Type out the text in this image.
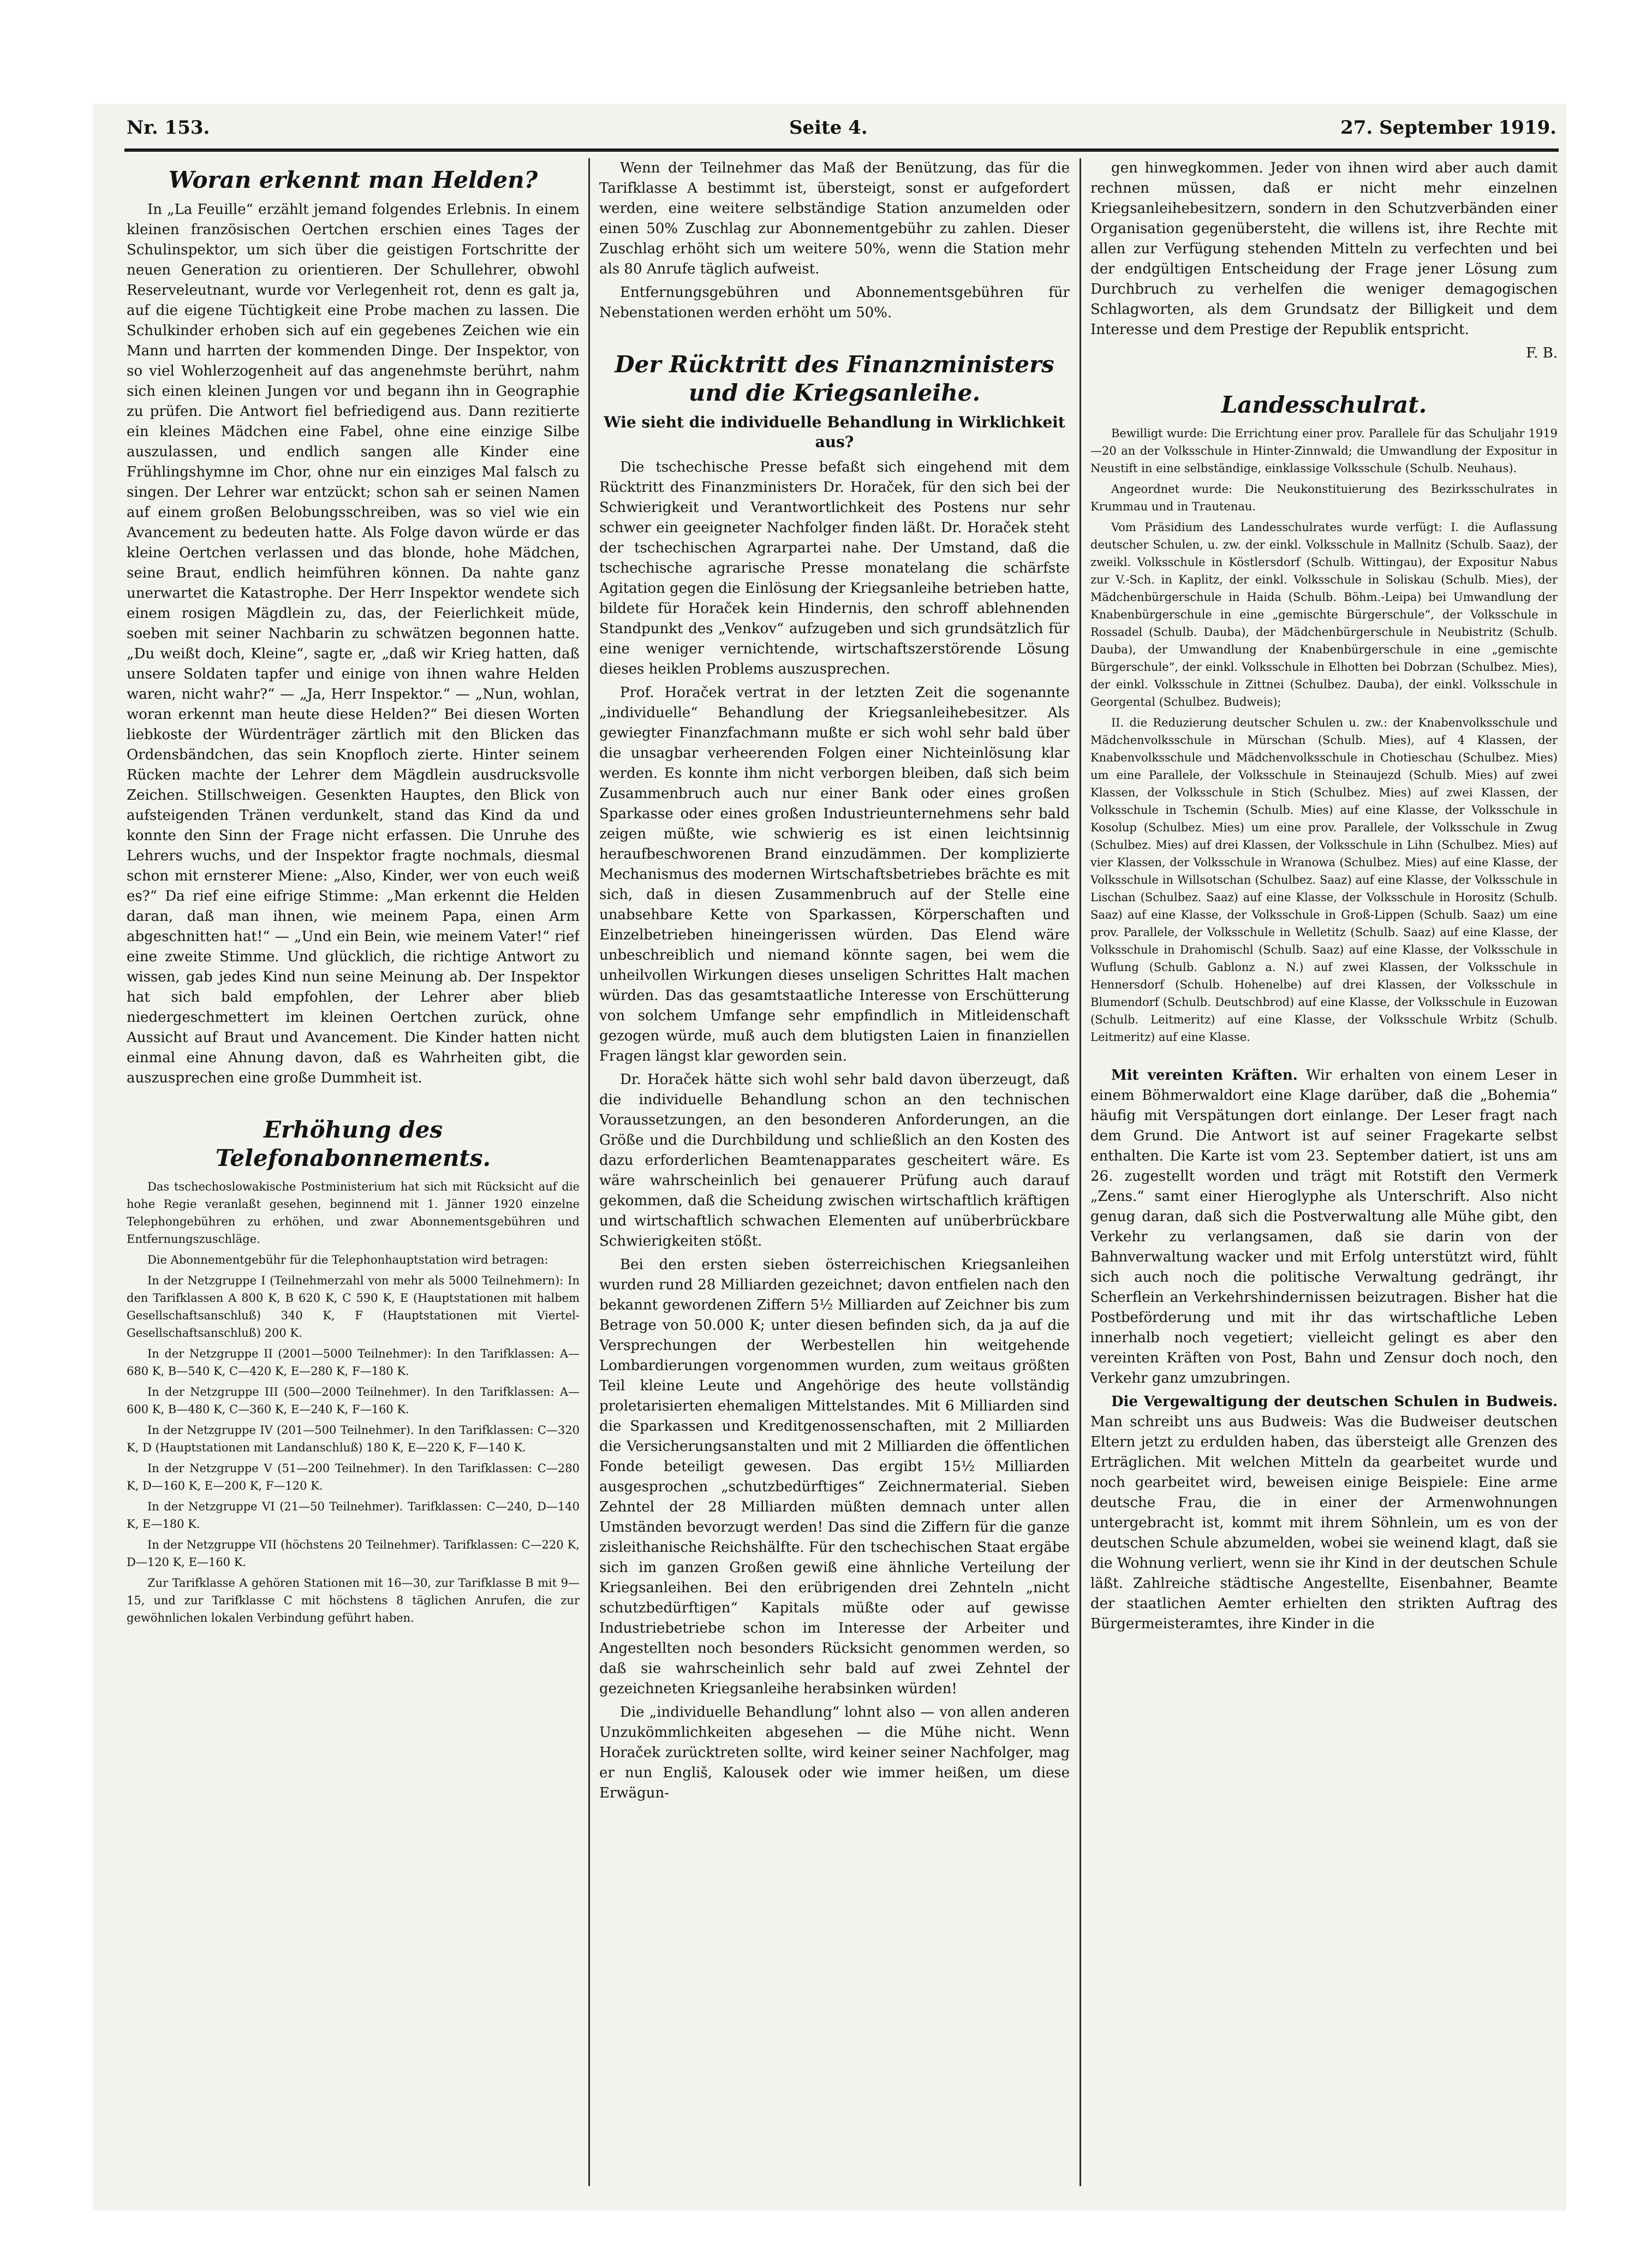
Nr. 153.	Seite 4.	27. September 1919.
Woran erkennt man Helden?

In „La Feuille“ erzählt jemand folgendes Erlebnis. In einem kleinen französischen Oertchen erschien eines Tages der Schulinspektor, um sich über die geistigen Fortschritte der neuen Generation zu orientieren. Der Schullehrer, obwohl Reserveleutnant, wurde vor Verlegenheit rot, denn es galt ja, auf die eigene Tüchtigkeit eine Probe machen zu lassen. Die Schulkinder erhoben sich auf ein gegebenes Zeichen wie ein Mann und harrten der kommenden Dinge. Der Inspektor, von so viel Wohlerzogenheit auf das angenehmste berührt, nahm sich einen kleinen Jungen vor und begann ihn in Geographie zu prüfen. Die Antwort fiel befriedigend aus. Dann rezitierte ein kleines Mädchen eine Fabel, ohne eine einzige Silbe auszulassen, und endlich sangen alle Kinder eine Frühlingshymne im Chor, ohne nur ein einziges Mal falsch zu singen. Der Lehrer war entzückt; schon sah er seinen Namen auf einem großen Belobungsschreiben, was so viel wie ein Avancement zu bedeuten hatte. Als Folge davon würde er das kleine Oertchen verlassen und das blonde, hohe Mädchen, seine Braut, endlich heimführen können. Da nahte ganz unerwartet die Katastrophe. Der Herr Inspektor wendete sich einem rosigen Mägdlein zu, das, der Feierlichkeit müde, soeben mit seiner Nachbarin zu schwätzen begonnen hatte. „Du weißt doch, Kleine“, sagte er, „daß wir Krieg hatten, daß unsere Soldaten tapfer und einige von ihnen wahre Helden waren, nicht wahr?“ — „Ja, Herr Inspektor.“ — „Nun, wohlan, woran erkennt man heute diese Helden?“ Bei diesen Worten liebkoste der Würdenträger zärtlich mit den Blicken das Ordensbändchen, das sein Knopfloch zierte. Hinter seinem Rücken machte der Lehrer dem Mägdlein ausdrucksvolle Zeichen. Stillschweigen. Gesenkten Hauptes, den Blick von aufsteigenden Tränen verdunkelt, stand das Kind da und konnte den Sinn der Frage nicht erfassen. Die Unruhe des Lehrers wuchs, und der Inspektor fragte nochmals, diesmal schon mit ernsterer Miene: „Also, Kinder, wer von euch weiß es?“ Da rief eine eifrige Stimme: „Man erkennt die Helden daran, daß man ihnen, wie meinem Papa, einen Arm abgeschnitten hat!“ — „Und ein Bein, wie meinem Vater!“ rief eine zweite Stimme. Und glücklich, die richtige Antwort zu wissen, gab jedes Kind nun seine Meinung ab. Der Inspektor hat sich bald empfohlen, der Lehrer aber blieb niedergeschmettert im kleinen Oertchen zurück, ohne Aussicht auf Braut und Avancement. Die Kinder hatten nicht einmal eine Ahnung davon, daß es Wahrheiten gibt, die auszusprechen eine große Dummheit ist.

Erhöhung des Telefonabonnements.

Das tschechoslowakische Postministerium hat sich mit Rücksicht auf die hohe Regie veranlaßt gesehen, beginnend mit 1. Jänner 1920 einzelne Telephongebühren zu erhöhen, und zwar Abonnementsgebühren und Entfernungszuschläge.

Die Abonnementgebühr für die Telephonhauptstation wird betragen:

In der Netzgruppe I (Teilnehmerzahl von mehr als 5000 Teilnehmern): In den Tarifklassen A 800 K, B 620 K, C 590 K, E (Hauptstationen mit halbem Gesellschaftsanschluß) 340 K, F (Hauptstationen mit Viertel-Gesellschaftsanschluß) 200 K.

In der Netzgruppe II (2001—5000 Teilnehmer): In den Tarifklassen: A—680 K, B—540 K, C—420 K, E—280 K, F—180 K.

In der Netzgruppe III (500—2000 Teilnehmer). In den Tarifklassen: A—600 K, B—480 K, C—360 K, E—240 K, F—160 K.

In der Netzgruppe IV (201—500 Teilnehmer). In den Tarifklassen: C—320 K, D (Hauptstationen mit Landanschluß) 180 K, E—220 K, F—140 K.

In der Netzgruppe V (51—200 Teilnehmer). In den Tarifklassen: C—280 K, D—160 K, E—200 K, F—120 K.

In der Netzgruppe VI (21—50 Teilnehmer). Tarifklassen: C—240, D—140 K, E—180 K.

In der Netzgruppe VII (höchstens 20 Teilnehmer). Tarifklassen: C—220 K, D—120 K, E—160 K.

Zur Tarifklasse A gehören Stationen mit 16—30, zur Tarifklasse B mit 9—15, und zur Tarifklasse C mit höchstens 8 täglichen Anrufen, die zur gewöhnlichen lokalen Verbindung geführt haben.

Wenn der Teilnehmer das Maß der Benützung, das für die Tarifklasse A bestimmt ist, übersteigt, sonst er aufgefordert werden, eine weitere selbständige Station anzumelden oder einen 50% Zuschlag zur Abonnementgebühr zu zahlen. Dieser Zuschlag erhöht sich um weitere 50%, wenn die Station mehr als 80 Anrufe täglich aufweist.

Entfernungsgebühren und Abonnementsgebühren für Nebenstationen werden erhöht um 50%.

Der Rücktritt des Finanzministers und die Kriegsanleihe.
Wie sieht die individuelle Behandlung in Wirklichkeit aus?

Die tschechische Presse befaßt sich eingehend mit dem Rücktritt des Finanzministers Dr. Horaček, für den sich bei der Schwierigkeit und Verantwortlichkeit des Postens nur sehr schwer ein geeigneter Nachfolger finden läßt. Dr. Horaček steht der tschechischen Agrarpartei nahe. Der Umstand, daß die tschechische agrarische Presse monatelang die schärfste Agitation gegen die Einlösung der Kriegsanleihe betrieben hatte, bildete für Horaček kein Hindernis, den schroff ablehnenden Standpunkt des „Venkov“ aufzugeben und sich grundsätzlich für eine weniger vernichtende, wirtschaftszerstörende Lösung dieses heiklen Problems auszusprechen.

Prof. Horaček vertrat in der letzten Zeit die sogenannte „individuelle“ Behandlung der Kriegsanleihebesitzer. Als gewiegter Finanzfachmann mußte er sich wohl sehr bald über die unsagbar verheerenden Folgen einer Nichteinlösung klar werden. Es konnte ihm nicht verborgen bleiben, daß sich beim Zusammenbruch auch nur einer Bank oder eines großen Sparkasse oder eines großen Industrieunternehmens sehr bald zeigen müßte, wie schwierig es ist einen leichtsinnig heraufbeschworenen Brand einzudämmen. Der komplizierte Mechanismus des modernen Wirtschaftsbetriebes brächte es mit sich, daß in diesen Zusammenbruch auf der Stelle eine unabsehbare Kette von Sparkassen, Körperschaften und Einzelbetrieben hineingerissen würden. Das Elend wäre unbeschreiblich und niemand könnte sagen, bei wem die unheilvollen Wirkungen dieses unseligen Schrittes Halt machen würden. Das das gesamtstaatliche Interesse von Erschütterung von solchem Umfange sehr empfindlich in Mitleidenschaft gezogen würde, muß auch dem blutigsten Laien in finanziellen Fragen längst klar geworden sein.

Dr. Horaček hätte sich wohl sehr bald davon überzeugt, daß die individuelle Behandlung schon an den technischen Voraussetzungen, an den besonderen Anforderungen, an die Größe und die Durchbildung und schließlich an den Kosten des dazu erforderlichen Beamtenapparates gescheitert wäre. Es wäre wahrscheinlich bei genauerer Prüfung auch darauf gekommen, daß die Scheidung zwischen wirtschaftlich kräftigen und wirtschaftlich schwachen Elementen auf unüberbrückbare Schwierigkeiten stößt.

Bei den ersten sieben österreichischen Kriegsanleihen wurden rund 28 Milliarden gezeichnet; davon entfielen nach den bekannt gewordenen Ziffern 5½ Milliarden auf Zeichner bis zum Betrage von 50.000 K; unter diesen befinden sich, da ja auf die Versprechungen der Werbestellen hin weitgehende Lombardierungen vorgenommen wurden, zum weitaus größten Teil kleine Leute und Angehörige des heute vollständig proletarisierten ehemaligen Mittelstandes. Mit 6 Milliarden sind die Sparkassen und Kreditgenossenschaften, mit 2 Milliarden die Versicherungsanstalten und mit 2 Milliarden die öffentlichen Fonde beteiligt gewesen. Das ergibt 15½ Milliarden ausgesprochen „schutzbedürftiges“ Zeichnermaterial. Sieben Zehntel der 28 Milliarden müßten demnach unter allen Umständen bevorzugt werden! Das sind die Ziffern für die ganze zisleithanische Reichshälfte. Für den tschechischen Staat ergäbe sich im ganzen Großen gewiß eine ähnliche Verteilung der Kriegsanleihen. Bei den erübrigenden drei Zehnteln „nicht schutzbedürftigen“ Kapitals müßte oder auf gewisse Industriebetriebe schon im Interesse der Arbeiter und Angestellten noch besonders Rücksicht genommen werden, so daß sie wahrscheinlich sehr bald auf zwei Zehntel der gezeichneten Kriegsanleihe herabsinken würden!

Die „individuelle Behandlung“ lohnt also — von allen anderen Unzukömmlichkeiten abgesehen — die Mühe nicht. Wenn Horaček zurücktreten sollte, wird keiner seiner Nachfolger, mag er nun Engliš, Kalousek oder wie immer heißen, um diese Erwägun-

gen hinwegkommen. Jeder von ihnen wird aber auch damit rechnen müssen, daß er nicht mehr einzelnen Kriegsanleihebesitzern, sondern in den Schutzverbänden einer Organisation gegenübersteht, die willens ist, ihre Rechte mit allen zur Verfügung stehenden Mitteln zu verfechten und bei der endgültigen Entscheidung der Frage jener Lösung zum Durchbruch zu verhelfen die weniger demagogischen Schlagworten, als dem Grundsatz der Billigkeit und dem Interesse und dem Prestige der Republik entspricht.

F. B.

Landesschulrat.

Bewilligt wurde: Die Errichtung einer prov. Parallele für das Schuljahr 1919—20 an der Volksschule in Hinter-Zinnwald; die Umwandlung der Expositur in Neustift in eine selbständige, einklassige Volksschule (Schulb. Neuhaus).

Angeordnet wurde: Die Neukonstituierung des Bezirksschulrates in Krummau und in Trautenau.

Vom Präsidium des Landesschulrates wurde verfügt: I. die Auflassung deutscher Schulen, u. zw. der einkl. Volksschule in Mallnitz (Schulb. Saaz), der zweikl. Volksschule in Köstlersdorf (Schulb. Wittingau), der Expositur Nabus zur V.-Sch. in Kaplitz, der einkl. Volksschule in Soliskau (Schulb. Mies), der Mädchenbürgerschule in Haida (Schulb. Böhm.-Leipa) bei Umwandlung der Knabenbürgerschule in eine „gemischte Bürgerschule“, der Volksschule in Rossadel (Schulb. Dauba), der Mädchenbürgerschule in Neubistritz (Schulb. Dauba), der Umwandlung der Knabenbürgerschule in eine „gemischte Bürgerschule“, der einkl. Volksschule in Elhotten bei Dobrzan (Schulbez. Mies), der einkl. Volksschule in Zittnei (Schulbez. Dauba), der einkl. Volksschule in Georgental (Schulbez. Budweis);

II. die Reduzierung deutscher Schulen u. zw.: der Knabenvolksschule und Mädchenvolksschule in Mürschan (Schulb. Mies), auf 4 Klassen, der Knabenvolksschule und Mädchenvolksschule in Chotieschau (Schulbez. Mies) um eine Parallele, der Volksschule in Steinaujezd (Schulb. Mies) auf zwei Klassen, der Volksschule in Stich (Schulbez. Mies) auf zwei Klassen, der Volksschule in Tschemin (Schulb. Mies) auf eine Klasse, der Volksschule in Kosolup (Schulbez. Mies) um eine prov. Parallele, der Volksschule in Zwug (Schulbez. Mies) auf drei Klassen, der Volksschule in Lihn (Schulbez. Mies) auf vier Klassen, der Volksschule in Wranowa (Schulbez. Mies) auf eine Klasse, der Volksschule in Willsotschan (Schulbez. Saaz) auf eine Klasse, der Volksschule in Lischan (Schulbez. Saaz) auf eine Klasse, der Volksschule in Horositz (Schulb. Saaz) auf eine Klasse, der Volksschule in Groß-Lippen (Schulb. Saaz) um eine prov. Parallele, der Volksschule in Welletitz (Schulb. Saaz) auf eine Klasse, der Volksschule in Drahomischl (Schulb. Saaz) auf eine Klasse, der Volksschule in Wuflung (Schulb. Gablonz a. N.) auf zwei Klassen, der Volksschule in Hennersdorf (Schulb. Hohenelbe) auf drei Klassen, der Volksschule in Blumendorf (Schulb. Deutschbrod) auf eine Klasse, der Volksschule in Euzowan (Schulb. Leitmeritz) auf eine Klasse, der Volksschule Wrbitz (Schulb. Leitmeritz) auf eine Klasse.

Mit vereinten Kräften. Wir erhalten von einem Leser in einem Böhmerwaldort eine Klage darüber, daß die „Bohemia“ häufig mit Verspätungen dort einlange. Der Leser fragt nach dem Grund. Die Antwort ist auf seiner Fragekarte selbst enthalten. Die Karte ist vom 23. September datiert, ist uns am 26. zugestellt worden und trägt mit Rotstift den Vermerk „Zens.“ samt einer Hieroglyphe als Unterschrift. Also nicht genug daran, daß sich die Postverwaltung alle Mühe gibt, den Verkehr zu verlangsamen, daß sie darin von der Bahnverwaltung wacker und mit Erfolg unterstützt wird, fühlt sich auch noch die politische Verwaltung gedrängt, ihr Scherflein an Verkehrshindernissen beizutragen. Bisher hat die Postbeförderung und mit ihr das wirtschaftliche Leben innerhalb noch vegetiert; vielleicht gelingt es aber den vereinten Kräften von Post, Bahn und Zensur doch noch, den Verkehr ganz umzubringen.

Die Vergewaltigung der deutschen Schulen in Budweis. Man schreibt uns aus Budweis: Was die Budweiser deutschen Eltern jetzt zu erdulden haben, das übersteigt alle Grenzen des Erträglichen. Mit welchen Mitteln da gearbeitet wurde und noch gearbeitet wird, beweisen einige Beispiele: Eine arme deutsche Frau, die in einer der Armenwohnungen untergebracht ist, kommt mit ihrem Söhnlein, um es von der deutschen Schule abzumelden, wobei sie weinend klagt, daß sie die Wohnung verliert, wenn sie ihr Kind in der deutschen Schule läßt. Zahlreiche städtische Angestellte, Eisenbahner, Beamte der staatlichen Aemter erhielten den strikten Auftrag des Bürgermeisteramtes, ihre Kinder in die
